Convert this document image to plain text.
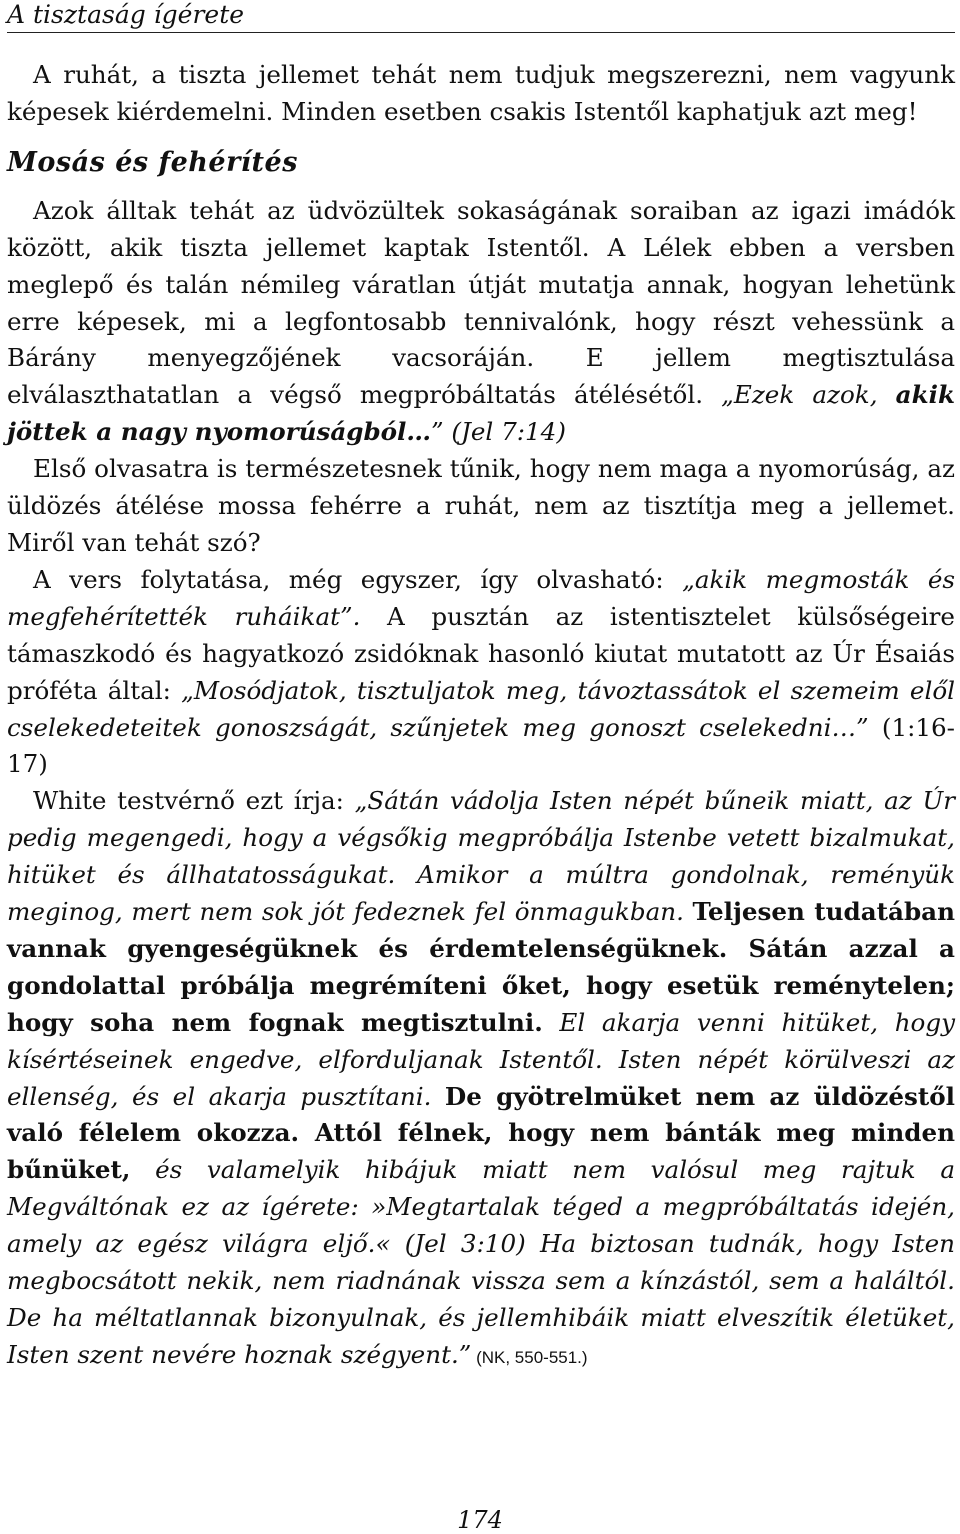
A tisztaság ígérete

A ruhát, a tiszta jellemet tehát nem tudjuk megszerezni, nem vagyunk képesek kiérdemelni. Minden esetben csakis Istentől kaphatjuk azt meg!

Mosás és fehérítés

Azok álltak tehát az üdvözültek sokaságának soraiban az igazi imádók között, akik tiszta jellemet kaptak Istentől. A Lélek ebben a versben meglepő és talán némileg váratlan útját mutatja annak, hogyan lehetünk erre képesek, mi a legfontosabb tennivalónk, hogy részt vehessünk a Bárány menyegzőjének vacsoráján. E jellem megtisztulása elválaszthatatlan a végső megpróbáltatás átélésétől. „Ezek azok, akik jöttek a nagy nyomorúságból…” (Jel 7:14)

Első olvasatra is természetesnek tűnik, hogy nem maga a nyomorúság, az üldözés átélése mossa fehérre a ruhát, nem az tisztítja meg a jellemet. Miről van tehát szó?

A vers folytatása, még egyszer, így olvasható: „akik megmosták és megfehérítették ruháikat”. A pusztán az istentisztelet külsőségeire támaszkodó és hagyatkozó zsidóknak hasonló kiutat mutatott az Úr Ésaiás próféta által: „Mosódjatok, tisztuljatok meg, távoztassátok el szemeim elől cselekedeteitek gonoszságát, szűnjetek meg gonoszt cselekedni…” (1:16-17)

White testvérnő ezt írja: „Sátán vádolja Isten népét bűneik miatt, az Úr pedig megengedi, hogy a végsőkig megpróbálja Istenbe vetett bizalmukat, hitüket és állhatatosságukat. Amikor a múltra gondolnak, reményük meginog, mert nem sok jót fedeznek fel önmagukban. Teljesen tudatában vannak gyengeségüknek és érdemtelenségüknek. Sátán azzal a gondolattal próbálja megrémíteni őket, hogy esetük reménytelen; hogy soha nem fognak megtisztulni. El akarja venni hitüket, hogy kísértéseinek engedve, elforduljanak Istentől. Isten népét körülveszi az ellenség, és el akarja pusztítani. De gyötrelmüket nem az üldözéstől való félelem okozza. Attól félnek, hogy nem bánták meg minden bűnüket, és valamelyik hibájuk miatt nem valósul meg rajtuk a Megváltónak ez az ígérete: »Megtartalak téged a megpróbáltatás idején, amely az egész világra eljő.« (Jel 3:10) Ha biztosan tudnák, hogy Isten megbocsátott nekik, nem riadnának vissza sem a kínzástól, sem a haláltól. De ha méltatlannak bizonyulnak, és jellemhibáik miatt elveszítik életüket, Isten szent nevére hoznak szégyent.” (NK, 550-551.)

174
